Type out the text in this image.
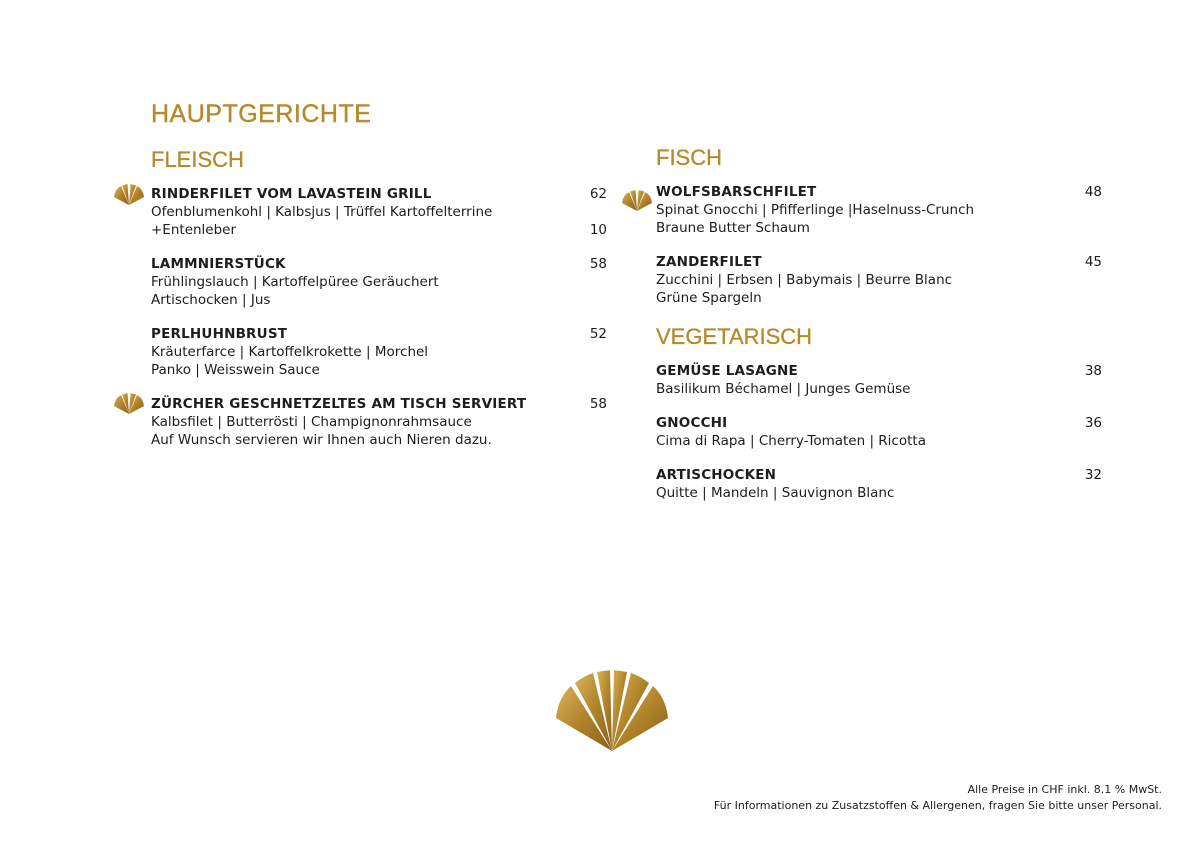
HAUPTGERICHTE
FLEISCH
RINDERFILET VOM LAVASTEIN GRILL
Ofenblumenkohl | Kalbsjus | Trüffel Kartoffelterrine
+Entenleber
62
10
LAMMNIERSTÜCK
Frühlingslauch | Kartoffelpüree Geräuchert
Artischocken | Jus
58
PERLHUHNBRUST
Kräuterfarce | Kartoffelkrokette | Morchel
Panko | Weisswein Sauce
52
ZÜRCHER GESCHNETZELTES AM TISCH SERVIERT
Kalbsfilet | Butterrösti | Champignonrahmsauce
Auf Wunsch servieren wir Ihnen auch Nieren dazu.
58
FISCH
WOLFSBARSCHFILET
Spinat Gnocchi | Pfifferlinge |Haselnuss-Crunch
Braune Butter Schaum
48
ZANDERFILET
Zucchini | Erbsen | Babymais | Beurre Blanc
Grüne Spargeln
45
VEGETARISCH
GEMÜSE LASAGNE
Basilikum Béchamel | Junges Gemüse
38
GNOCCHI
Cima di Rapa | Cherry-Tomaten | Ricotta
36
ARTISCHOCKEN
Quitte | Mandeln | Sauvignon Blanc
32
Alle Preise in CHF inkl. 8.1 % MwSt.
Für Informationen zu Zusatzstoffen & Allergenen, fragen Sie bitte unser Personal.
